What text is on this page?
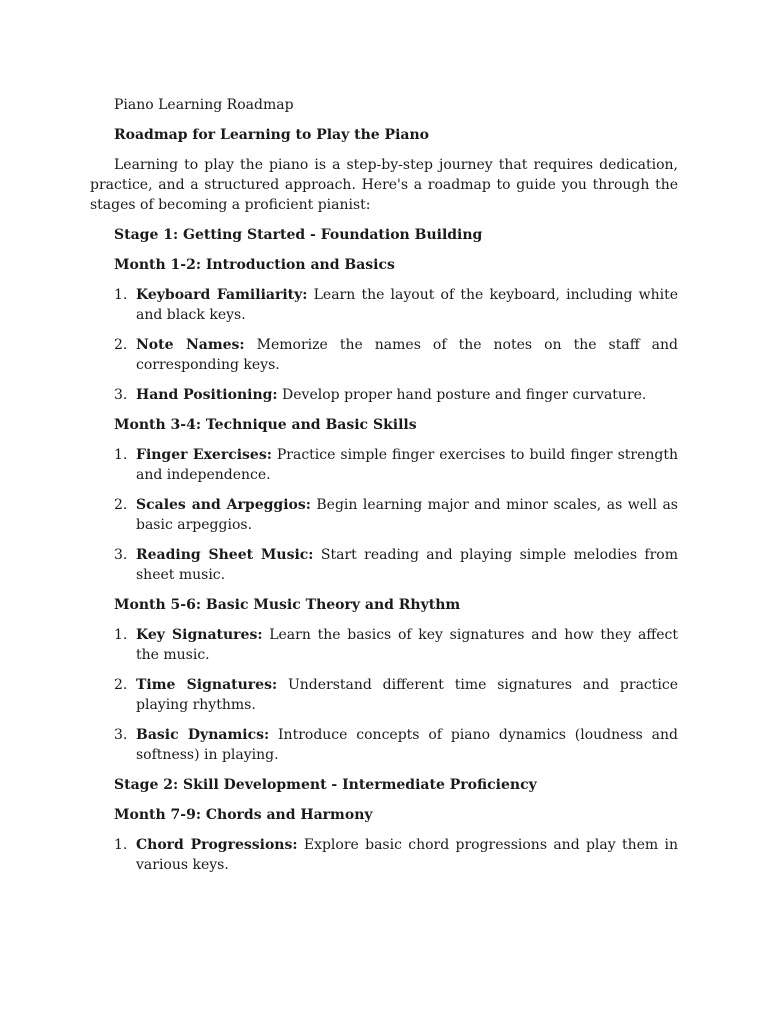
Piano Learning Roadmap

Roadmap for Learning to Play the Piano

Learning to play the piano is a step-by-step journey that requires dedication, practice, and a structured approach. Here's a roadmap to guide you through the stages of becoming a proficient pianist:

Stage 1: Getting Started - Foundation Building

Month 1-2: Introduction and Basics

1. Keyboard Familiarity: Learn the layout of the keyboard, including white and black keys.
2. Note Names: Memorize the names of the notes on the staff and corresponding keys.
3. Hand Positioning: Develop proper hand posture and finger curvature.

Month 3-4: Technique and Basic Skills

1. Finger Exercises: Practice simple finger exercises to build finger strength and independence.
2. Scales and Arpeggios: Begin learning major and minor scales, as well as basic arpeggios.
3. Reading Sheet Music: Start reading and playing simple melodies from sheet music.

Month 5-6: Basic Music Theory and Rhythm

1. Key Signatures: Learn the basics of key signatures and how they affect the music.
2. Time Signatures: Understand different time signatures and practice playing rhythms.
3. Basic Dynamics: Introduce concepts of piano dynamics (loudness and softness) in playing.

Stage 2: Skill Development - Intermediate Proficiency

Month 7-9: Chords and Harmony

1. Chord Progressions: Explore basic chord progressions and play them in various keys.
